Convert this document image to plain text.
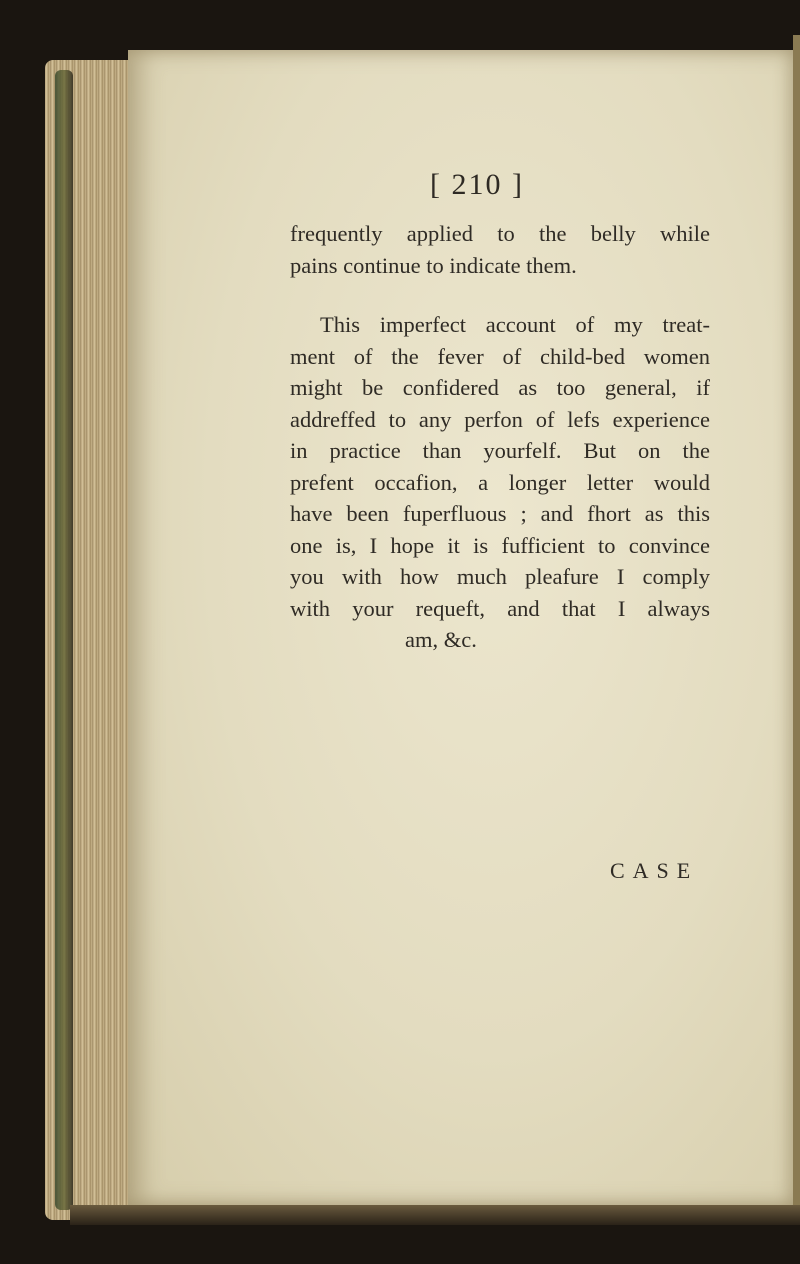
[ 210 ]
frequently applied to the belly while
pains continue to indicate them.
This imperfect account of my treat-
ment of the fever of child-bed women
might be confidered as too general, if
addreffed to any perfon of lefs experience
in practice than yourfelf. But on the
prefent occafion, a longer letter would
have been fuperfluous ; and fhort as this
one is, I hope it is fufficient to convince
you with how much pleafure I comply
with your requeft, and that I always
am, &c.
CASE
